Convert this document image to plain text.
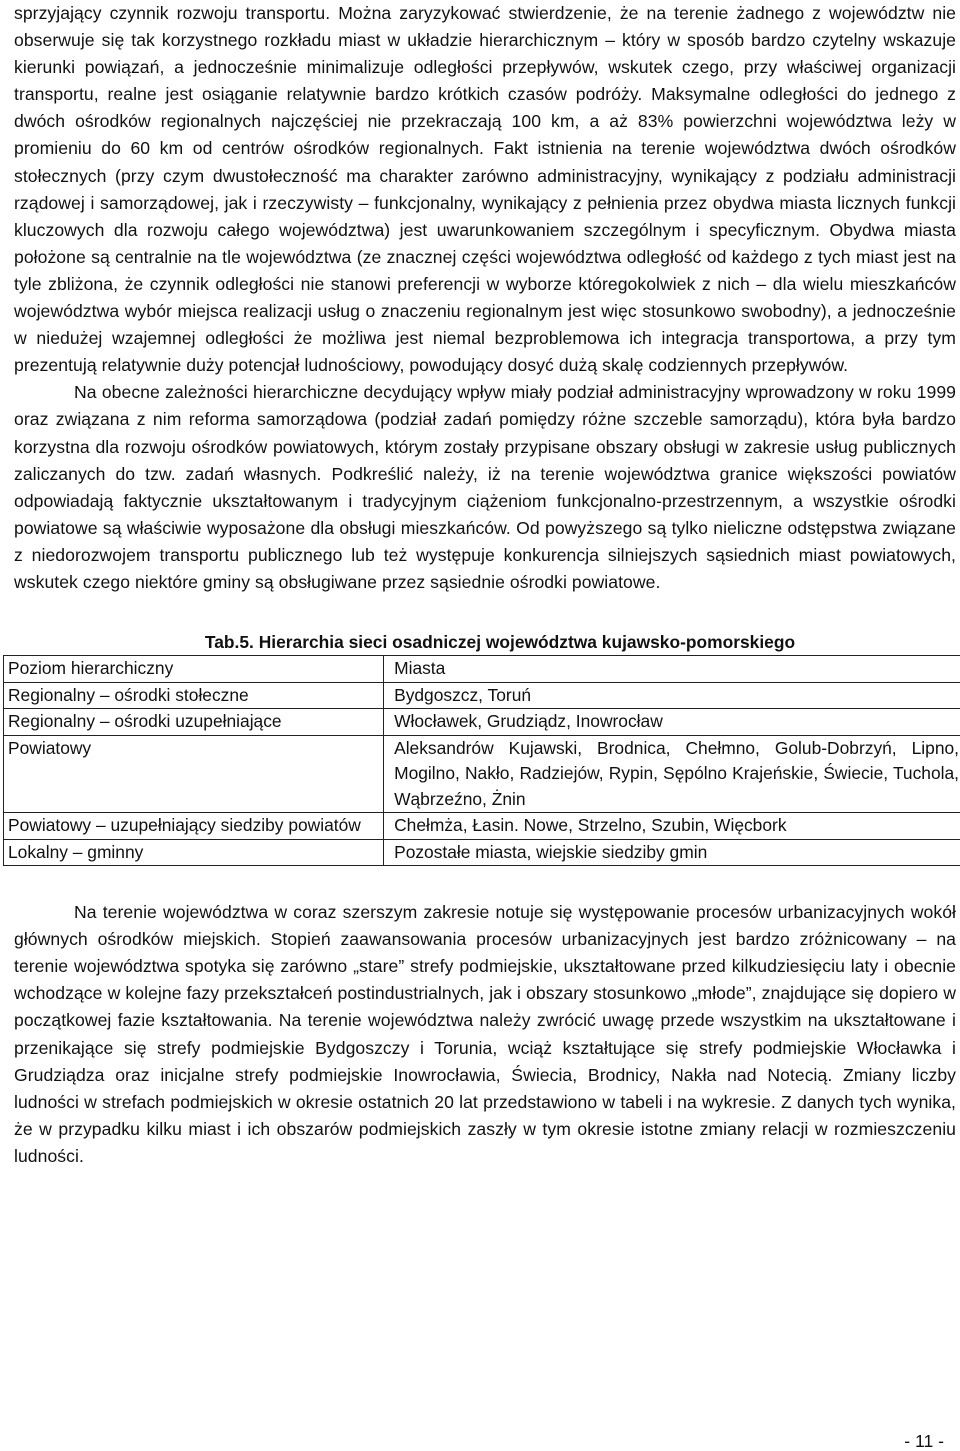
sprzyjający czynnik rozwoju transportu. Można zaryzykować stwierdzenie, że na terenie żadnego z województw nie obserwuje się tak korzystnego rozkładu miast w układzie hierarchicznym – który w sposób bardzo czytelny wskazuje kierunki powiązań, a jednocześnie minimalizuje odległości przepływów, wskutek czego, przy właściwej organizacji transportu, realne jest osiąganie relatywnie bardzo krótkich czasów podróży. Maksymalne odległości do jednego z dwóch ośrodków regionalnych najczęściej nie przekraczają 100 km, a aż 83% powierzchni województwa leży w promieniu do 60 km od centrów ośrodków regionalnych. Fakt istnienia na terenie województwa dwóch ośrodków stołecznych (przy czym dwustołeczność ma charakter zarówno administracyjny, wynikający z podziału administracji rządowej i samorządowej, jak i rzeczywisty – funkcjonalny, wynikający z pełnienia przez obydwa miasta licznych funkcji kluczowych dla rozwoju całego województwa) jest uwarunkowaniem szczególnym i specyficznym. Obydwa miasta położone są centralnie na tle województwa (ze znacznej części województwa odległość od każdego z tych miast jest na tyle zbliżona, że czynnik odległości nie stanowi preferencji w wyborze któregokolwiek z nich – dla wielu mieszkańców województwa wybór miejsca realizacji usług o znaczeniu regionalnym jest więc stosunkowo swobodny), a jednocześnie w niedużej wzajemnej odległości że możliwa jest niemal bezproblemowa ich integracja transportowa, a przy tym prezentują relatywnie duży potencjał ludnościowy, powodujący dosyć dużą skalę codziennych przepływów.

Na obecne zależności hierarchiczne decydujący wpływ miały podział administracyjny wprowadzony w roku 1999 oraz związana z nim reforma samorządowa (podział zadań pomiędzy różne szczeble samorządu), która była bardzo korzystna dla rozwoju ośrodków powiatowych, którym zostały przypisane obszary obsługi w zakresie usług publicznych zaliczanych do tzw. zadań własnych. Podkreślić należy, iż na terenie województwa granice większości powiatów odpowiadają faktycznie ukształtowanym i tradycyjnym ciążeniom funkcjonalno-przestrzennym, a wszystkie ośrodki powiatowe są właściwie wyposażone dla obsługi mieszkańców. Od powyższego są tylko nieliczne odstępstwa związane z niedorozwojem transportu publicznego lub też występuje konkurencja silniejszych sąsiednich miast powiatowych, wskutek czego niektóre gminy są obsługiwane przez sąsiednie ośrodki powiatowe.

Tab.5. Hierarchia sieci osadniczej województwa kujawsko-pomorskiego
Poziom hierarchiczny	Miasta
Regionalny – ośrodki stołeczne	Bydgoszcz, Toruń
Regionalny – ośrodki uzupełniające	Włocławek, Grudziądz, Inowrocław
Powiatowy	Aleksandrów Kujawski, Brodnica, Chełmno, Golub-Dobrzyń, Lipno, Mogilno, Nakło, Radziejów, Rypin, Sępólno Krajeńskie, Świecie, Tuchola, Wąbrzeźno, Żnin
Powiatowy – uzupełniający siedziby powiatów	Chełmża, Łasin. Nowe, Strzelno, Szubin, Więcbork
Lokalny – gminny	Pozostałe miasta, wiejskie siedziby gmin

Na terenie województwa w coraz szerszym zakresie notuje się występowanie procesów urbanizacyjnych wokół głównych ośrodków miejskich. Stopień zaawansowania procesów urbanizacyjnych jest bardzo zróżnicowany – na terenie województwa spotyka się zarówno „stare” strefy podmiejskie, ukształtowane przed kilkudziesięciu laty i obecnie wchodzące w kolejne fazy przekształceń postindustrialnych, jak i obszary stosunkowo „młode”, znajdujące się dopiero w początkowej fazie kształtowania. Na terenie województwa należy zwrócić uwagę przede wszystkim na ukształtowane i przenikające się strefy podmiejskie Bydgoszczy i Torunia, wciąż kształtujące się strefy podmiejskie Włocławka i Grudziądza oraz inicjalne strefy podmiejskie Inowrocławia, Świecia, Brodnicy, Nakła nad Notecią. Zmiany liczby ludności w strefach podmiejskich w okresie ostatnich 20 lat przedstawiono w tabeli i na wykresie. Z danych tych wynika, że w przypadku kilku miast i ich obszarów podmiejskich zaszły w tym okresie istotne zmiany relacji w rozmieszczeniu ludności.

- 11 -
